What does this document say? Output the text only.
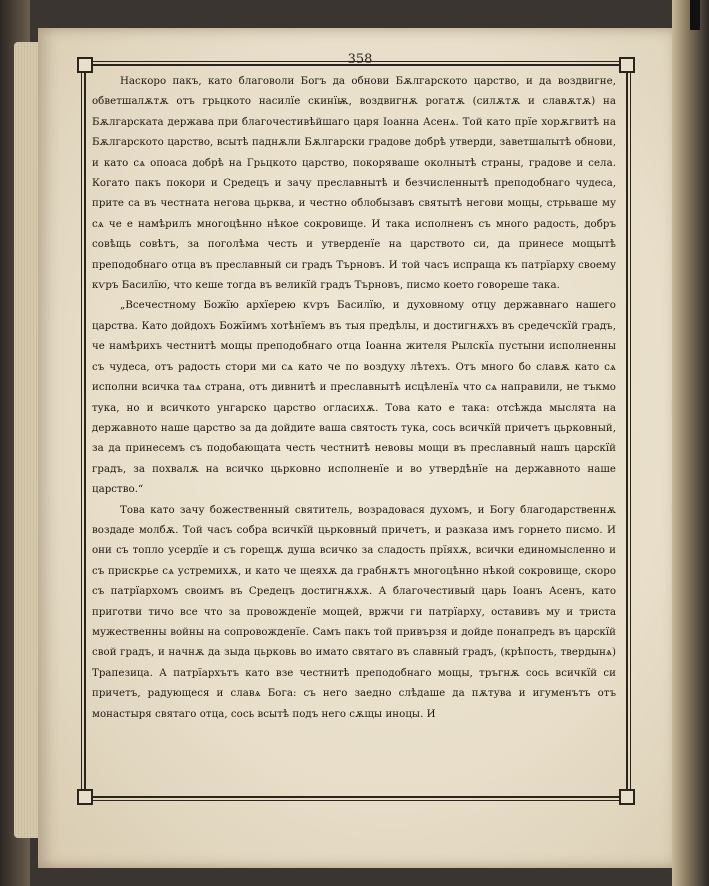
358

Наскоро пакъ, като благоволи Богъ да обнови Бѫлгарското царство, и да воздвигне, обветшалѫтѫ отъ грьцкото насилїе скинїѭ, воздвигнѫ рогатѫ (силѫтѫ и славѫтѫ) на Бѫлгарската держава при благочестивѣйшаго царя Іоанна Асенѧ. Той като прїе хорѫгвитѣ на Бѫлгарското царство, всытѣ паднѫли Бѫлгарски градове добрѣ утверди, заветшалытѣ обнови, и като сѧ опоаса добрѣ на Грьцкото царство, покоряваше околнытѣ страны, градове и села. Когато пакъ покори и Средецъ и зачу преславнытѣ и безчисленнытѣ преподобнаго чудеса, прите са въ честната негова цьрква, и честно облобызавъ святытѣ негови мощы, стрьваше му сѧ че е намѣрилъ многоцѣнно нѣкое сокровище. И така исполненъ съ много радость, добръ совѣщь совѣтъ, за поголѣма честь и утверденїе на царството си, да принесе мощытѣ преподобнаго отца въ преславный си градъ Търновъ. И той часъ испраща къ патрїарху своему кѵръ Басилїю, что кеше тогда въ великїй градъ Търновъ, писмо което говореше така.

„Всечестному Божїю архїерею кѵръ Басилїю, и духовному отцу державнаго нашего царства. Като дойдохъ Божїимъ хотѣнїемъ въ тыя предѣлы, и достигнѫхъ въ средечскїй градъ, че намѣрихъ честнитѣ мощы преподобнаго отца Іоанна жителя Рылскїѧ пустыни исполненны съ чудеса, отъ радость стори ми сѧ като че по воздуху лѣтехъ. Отъ много бо славѫ като сѧ исполни всичка таѧ страна, отъ дивнитѣ и преславнытѣ исцѣленїѧ что сѧ направили, не тъкмо тука, но и всичкото унгарско царство огласихѫ. Това като е така: отсѣжда мыслята на державното наше царство за да дойдите ваша святость тука, сось всичкїй причетъ цьрковный, за да принесемъ съ подобающата честь честнитѣ невовы мощи въ преславный нашъ царскїй градъ, за похвалѫ на всичко цьрковно исполненїе и во утвердѣнїе на державното наше царство.“

Това като зачу божественный святитель, возрадовася духомъ, и Богу благодарственнѫ воздаде молбѫ. Той часъ собра всичкїй цьрковный причетъ, и разказа имъ горнето писмо. И они съ топло усердїе и съ горещѫ душа всичко за сладость прїяхѫ, всички единомысленно и съ прискрье сѧ устремихѫ, и като че щеяхѫ да грабнѫтъ многоцѣнно нѣкой сокровище, скоро съ патрїархомъ своимъ въ Средецъ достигнѫхѫ. А благочестивый царь Іоанъ Асенъ, като приготви тичо все что за провожденїе мощей, вржчи ги патрїарху, оставивъ му и триста мужественны войны на сопровожденїе. Самъ пакъ той привързя и дойде понапредъ въ царскїй свой градъ, и начнѫ да зыда цьрковь во имато святаго въ славный градъ, (крѣпость, твердынѧ) Трапезица. А патрїархътъ като взе честнитѣ преподобнаго мощы, тръгнѫ сось всичкїй си причетъ, радующеся и славѧ Бога: съ него заедно слѣдаше да пѫтува и игуменътъ отъ монастыря святаго отца, сось всытѣ подъ него сѫщы иноцы. И
